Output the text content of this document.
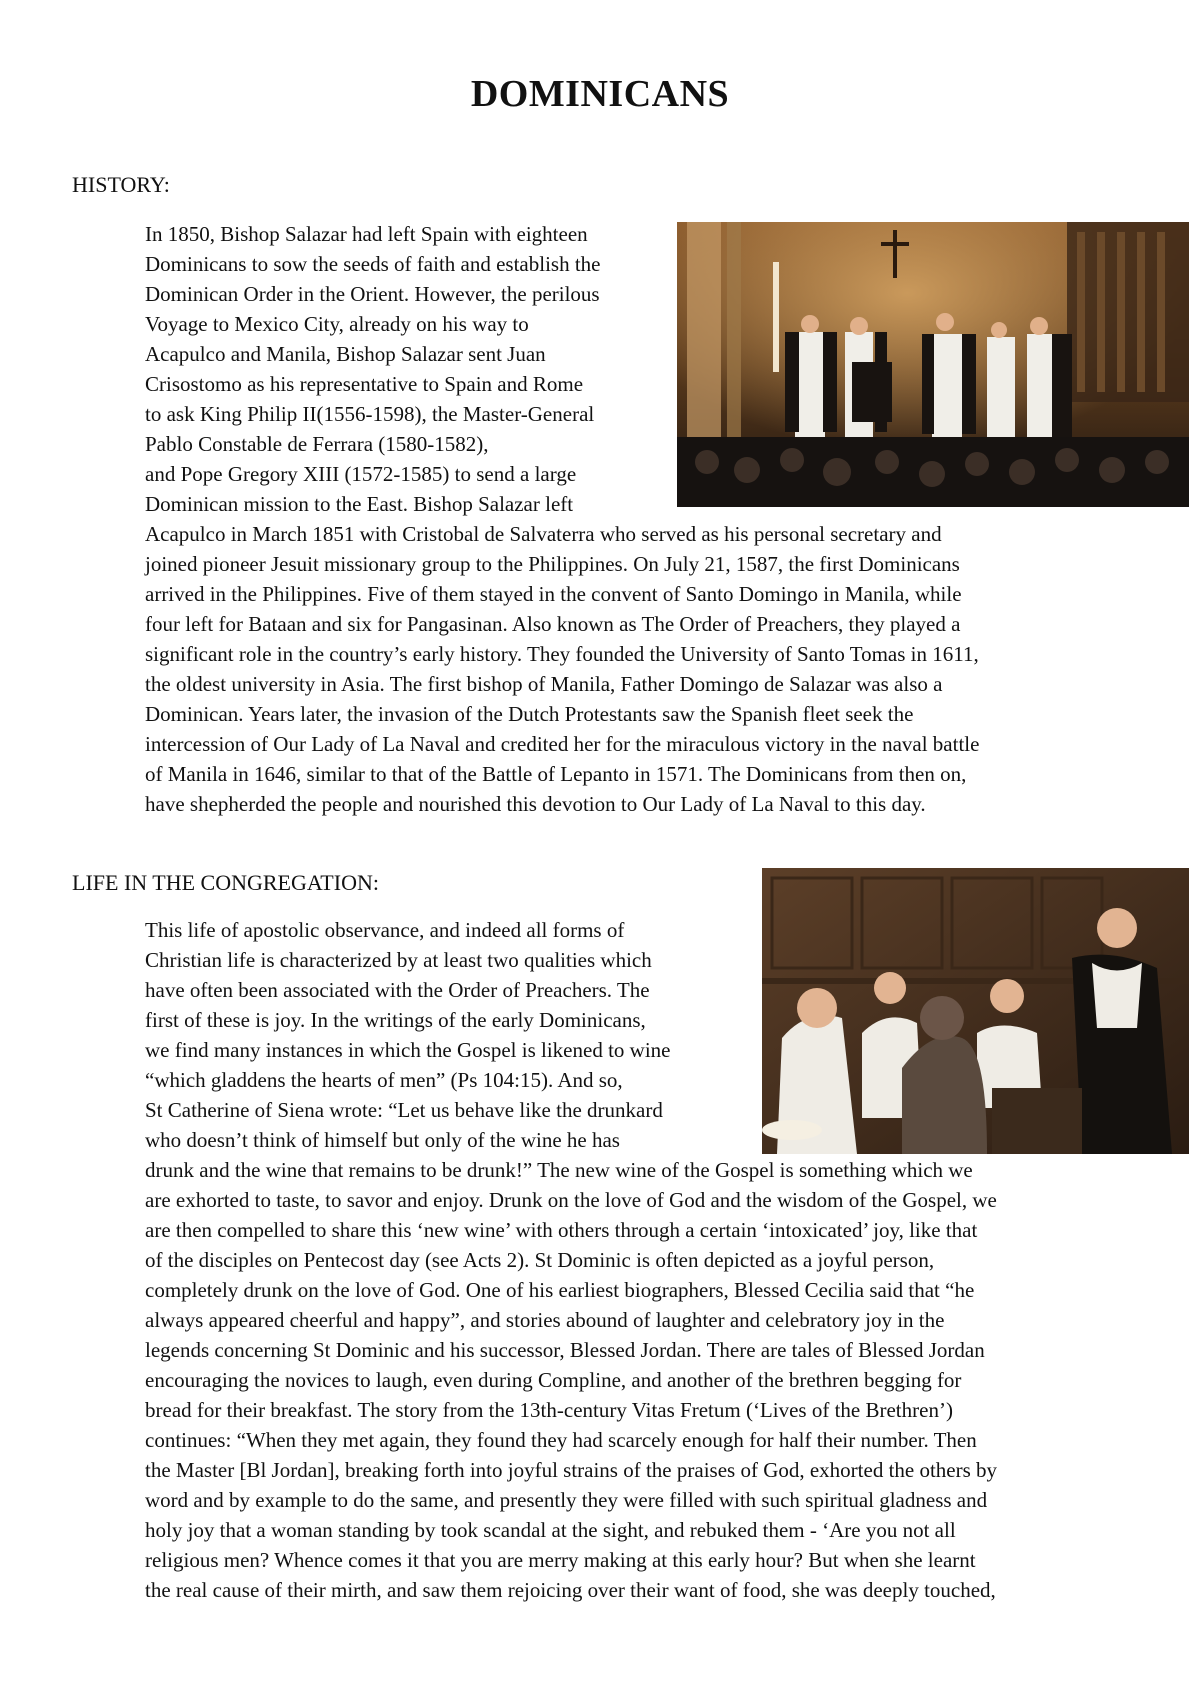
DOMINICANS
HISTORY:
In 1850, Bishop Salazar had left Spain with eighteen
Dominicans to sow the seeds of faith and establish the
Dominican Order in the Orient. However, the perilous
Voyage to Mexico City, already on his way to
Acapulco and Manila, Bishop Salazar sent Juan
Crisostomo as his representative to Spain and Rome
to ask King Philip II(1556-1598), the Master-General
Pablo Constable de Ferrara (1580-1582),
and Pope Gregory XIII (1572-1585) to send a large
Dominican mission to the East. Bishop Salazar left
Acapulco in March 1851 with Cristobal de Salvaterra who served as his personal secretary and
joined pioneer Jesuit missionary group to the Philippines. On July 21, 1587, the first Dominicans
arrived in the Philippines. Five of them stayed in the convent of Santo Domingo in Manila, while
four left for Bataan and six for Pangasinan. Also known as The Order of Preachers, they played a
significant role in the country’s early history. They founded the University of Santo Tomas in 1611,
the oldest university in Asia. The first bishop of Manila, Father Domingo de Salazar was also a
Dominican. Years later, the invasion of the Dutch Protestants saw the Spanish fleet seek the
intercession of Our Lady of La Naval and credited her for the miraculous victory in the naval battle
of Manila in 1646, similar to that of the Battle of Lepanto in 1571. The Dominicans from then on,
have shepherded the people and nourished this devotion to Our Lady of La Naval to this day.
LIFE IN THE CONGREGATION:
This life of apostolic observance, and indeed all forms of
Christian life is characterized by at least two qualities which
have often been associated with the Order of Preachers. The
first of these is joy. In the writings of the early Dominicans,
we find many instances in which the Gospel is likened to wine
“which gladdens the hearts of men” (Ps 104:15). And so,
St Catherine of Siena wrote: “Let us behave like the drunkard
who doesn’t think of himself but only of the wine he has
drunk and the wine that remains to be drunk!” The new wine of the Gospel is something which we
are exhorted to taste, to savor and enjoy. Drunk on the love of God and the wisdom of the Gospel, we
are then compelled to share this ‘new wine’ with others through a certain ‘intoxicated’ joy, like that
of the disciples on Pentecost day (see Acts 2). St Dominic is often depicted as a joyful person,
completely drunk on the love of God. One of his earliest biographers, Blessed Cecilia said that “he
always appeared cheerful and happy”, and stories abound of laughter and celebratory joy in the
legends concerning St Dominic and his successor, Blessed Jordan. There are tales of Blessed Jordan
encouraging the novices to laugh, even during Compline, and another of the brethren begging for
bread for their breakfast. The story from the 13th-century Vitas Fretum (‘Lives of the Brethren’)
continues: “When they met again, they found they had scarcely enough for half their number. Then
the Master [Bl Jordan], breaking forth into joyful strains of the praises of God, exhorted the others by
word and by example to do the same, and presently they were filled with such spiritual gladness and
holy joy that a woman standing by took scandal at the sight, and rebuked them - ‘Are you not all
religious men? Whence comes it that you are merry making at this early hour? But when she learnt
the real cause of their mirth, and saw them rejoicing over their want of food, she was deeply touched,
